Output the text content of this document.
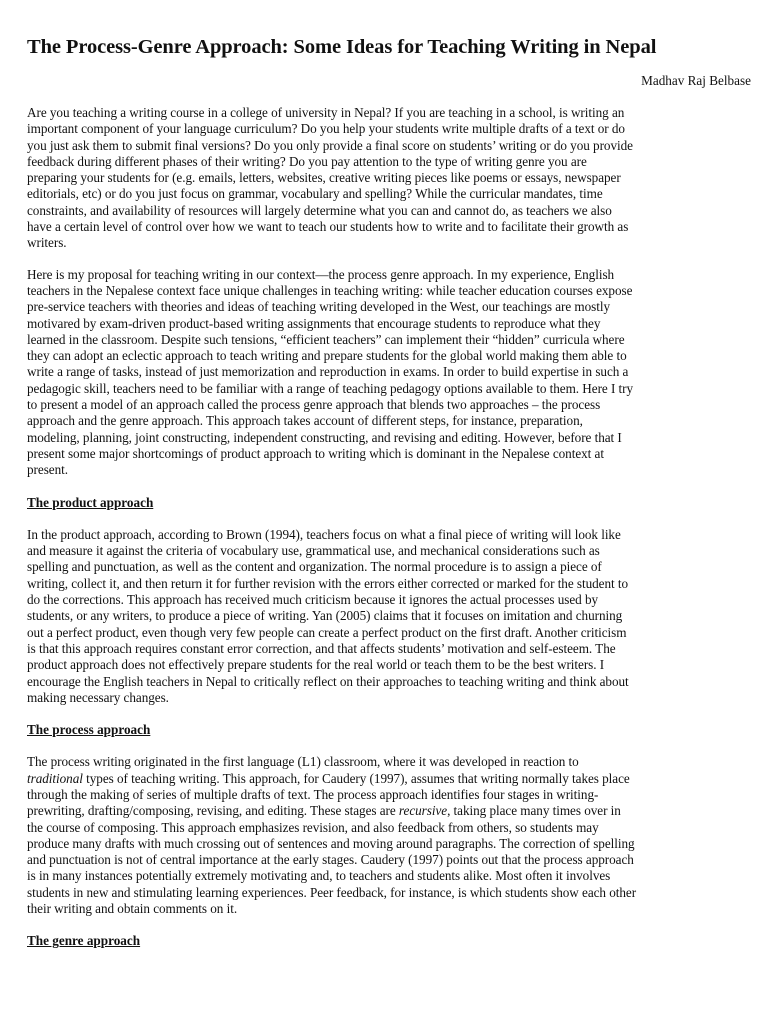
The Process-Genre Approach: Some Ideas for Teaching Writing in Nepal

Madhav Raj Belbase

Are you teaching a writing course in a college of university in Nepal? If you are teaching in a school, is writing an
important component of your language curriculum? Do you help your students write multiple drafts of a text or do
you just ask them to submit final versions? Do you only provide a final score on students’ writing or do you provide
feedback during different phases of their writing? Do you pay attention to the type of writing genre you are
preparing your students for (e.g. emails, letters, websites, creative writing pieces like poems or essays, newspaper
editorials, etc) or do you just focus on grammar, vocabulary and spelling? While the curricular mandates, time
constraints, and availability of resources will largely determine what you can and cannot do, as teachers we also
have a certain level of control over how we want to teach our students how to write and to facilitate their growth as
writers.

Here is my proposal for teaching writing in our context—the process genre approach. In my experience, English
teachers in the Nepalese context face unique challenges in teaching writing: while teacher education courses expose
pre-service teachers with theories and ideas of teaching writing developed in the West, our teachings are mostly
motivared by exam-driven product-based writing assignments that encourage students to reproduce what they
learned in the classroom. Despite such tensions, “efficient teachers” can implement their “hidden” curricula where
they can adopt an eclectic approach to teach writing and prepare students for the global world making them able to
write a range of tasks, instead of just memorization and reproduction in exams. In order to build expertise in such a
pedagogic skill, teachers need to be familiar with a range of teaching pedagogy options available to them. Here I try
to present a model of an approach called the process genre approach that blends two approaches – the process
approach and the genre approach. This approach takes account of different steps, for instance, preparation,
modeling, planning, joint constructing, independent constructing, and revising and editing. However, before that I
present some major shortcomings of product approach to writing which is dominant in the Nepalese context at
present.

The product approach

In the product approach, according to Brown (1994), teachers focus on what a final piece of writing will look like
and measure it against the criteria of vocabulary use, grammatical use, and mechanical considerations such as
spelling and punctuation, as well as the content and organization. The normal procedure is to assign a piece of
writing, collect it, and then return it for further revision with the errors either corrected or marked for the student to
do the corrections. This approach has received much criticism because it ignores the actual processes used by
students, or any writers, to produce a piece of writing. Yan (2005) claims that it focuses on imitation and churning
out a perfect product, even though very few people can create a perfect product on the first draft. Another criticism
is that this approach requires constant error correction, and that affects students’ motivation and self-esteem. The
product approach does not effectively prepare students for the real world or teach them to be the best writers. I
encourage the English teachers in Nepal to critically reflect on their approaches to teaching writing and think about
making necessary changes.

The process approach

The process writing originated in the first language (L1) classroom, where it was developed in reaction to
traditional types of teaching writing. This approach, for Caudery (1997), assumes that writing normally takes place
through the making of series of multiple drafts of text. The process approach identifies four stages in writing-
prewriting, drafting/composing, revising, and editing. These stages are recursive, taking place many times over in
the course of composing. This approach emphasizes revision, and also feedback from others, so students may
produce many drafts with much crossing out of sentences and moving around paragraphs. The correction of spelling
and punctuation is not of central importance at the early stages. Caudery (1997) points out that the process approach
is in many instances potentially extremely motivating and, to teachers and students alike. Most often it involves
students in new and stimulating learning experiences. Peer feedback, for instance, is which students show each other
their writing and obtain comments on it.

The genre approach
